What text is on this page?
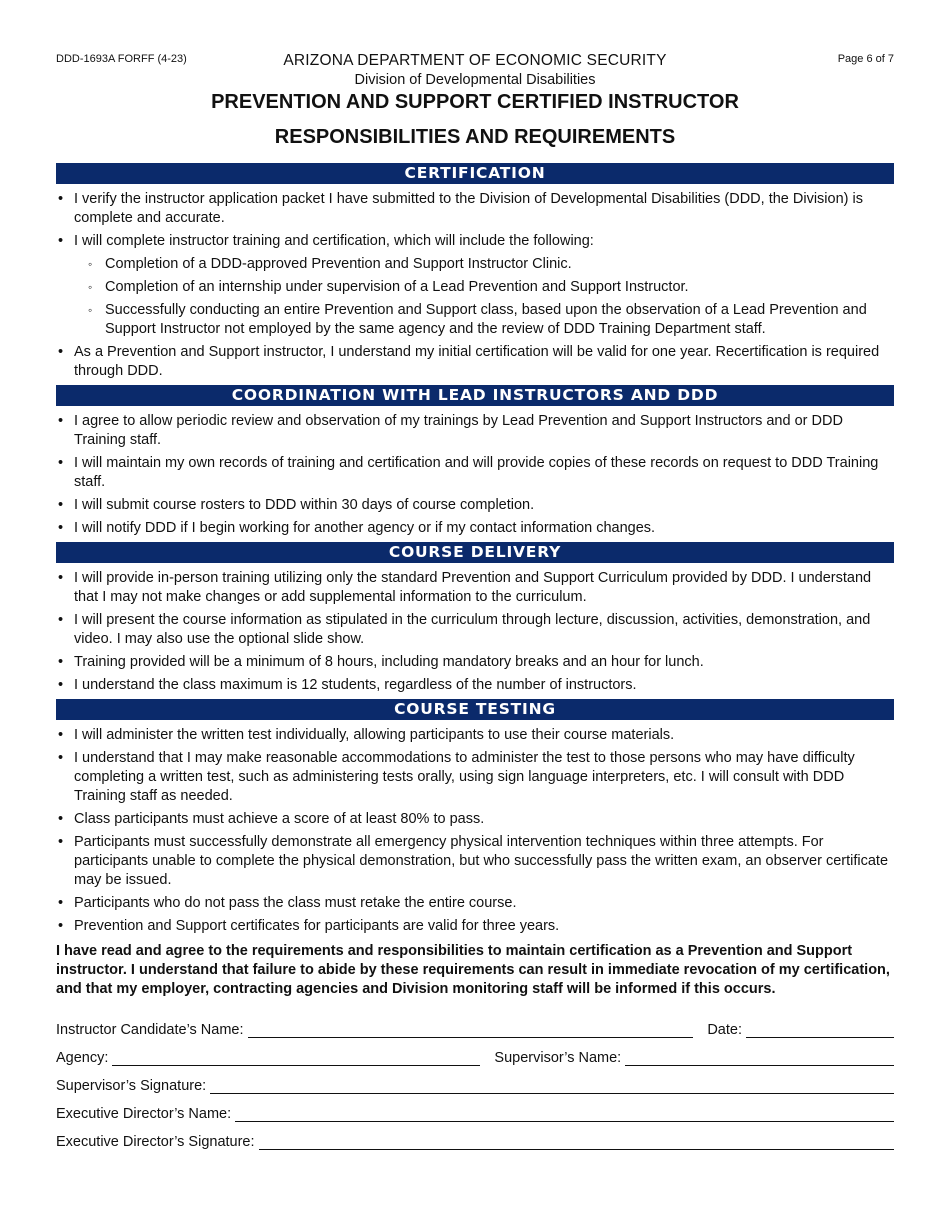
DDD-1693A FORFF (4-23)	Page 6 of 7
ARIZONA DEPARTMENT OF ECONOMIC SECURITY
Division of Developmental Disabilities
PREVENTION AND SUPPORT CERTIFIED INSTRUCTOR
RESPONSIBILITIES AND REQUIREMENTS
CERTIFICATION
• I verify the instructor application packet I have submitted to the Division of Developmental Disabilities (DDD, the Division) is complete and accurate.
• I will complete instructor training and certification, which will include the following:
◦ Completion of a DDD-approved Prevention and Support Instructor Clinic.
◦ Completion of an internship under supervision of a Lead Prevention and Support Instructor.
◦ Successfully conducting an entire Prevention and Support class, based upon the observation of a Lead Prevention and Support Instructor not employed by the same agency and the review of DDD Training Department staff.
• As a Prevention and Support instructor, I understand my initial certification will be valid for one year. Recertification is required through DDD.
COORDINATION WITH LEAD INSTRUCTORS AND DDD
• I agree to allow periodic review and observation of my trainings by Lead Prevention and Support Instructors and or DDD Training staff.
• I will maintain my own records of training and certification and will provide copies of these records on request to DDD Training staff.
• I will submit course rosters to DDD within 30 days of course completion.
• I will notify DDD if I begin working for another agency or if my contact information changes.
COURSE DELIVERY
• I will provide in-person training utilizing only the standard Prevention and Support Curriculum provided by DDD. I understand that I may not make changes or add supplemental information to the curriculum.
• I will present the course information as stipulated in the curriculum through lecture, discussion, activities, demonstration, and video. I may also use the optional slide show.
• Training provided will be a minimum of 8 hours, including mandatory breaks and an hour for lunch.
• I understand the class maximum is 12 students, regardless of the number of instructors.
COURSE TESTING
• I will administer the written test individually, allowing participants to use their course materials.
• I understand that I may make reasonable accommodations to administer the test to those persons who may have difficulty completing a written test, such as administering tests orally, using sign language interpreters, etc. I will consult with DDD Training staff as needed.
• Class participants must achieve a score of at least 80% to pass.
• Participants must successfully demonstrate all emergency physical intervention techniques within three attempts. For participants unable to complete the physical demonstration, but who successfully pass the written exam, an observer certificate may be issued.
• Participants who do not pass the class must retake the entire course.
• Prevention and Support certificates for participants are valid for three years.
I have read and agree to the requirements and responsibilities to maintain certification as a Prevention and Support instructor. I understand that failure to abide by these requirements can result in immediate revocation of my certification, and that my employer, contracting agencies and Division monitoring staff will be informed if this occurs.
Instructor Candidate’s Name:	Date:
Agency:	Supervisor’s Name:
Supervisor’s Signature:
Executive Director’s Name:
Executive Director’s Signature:
